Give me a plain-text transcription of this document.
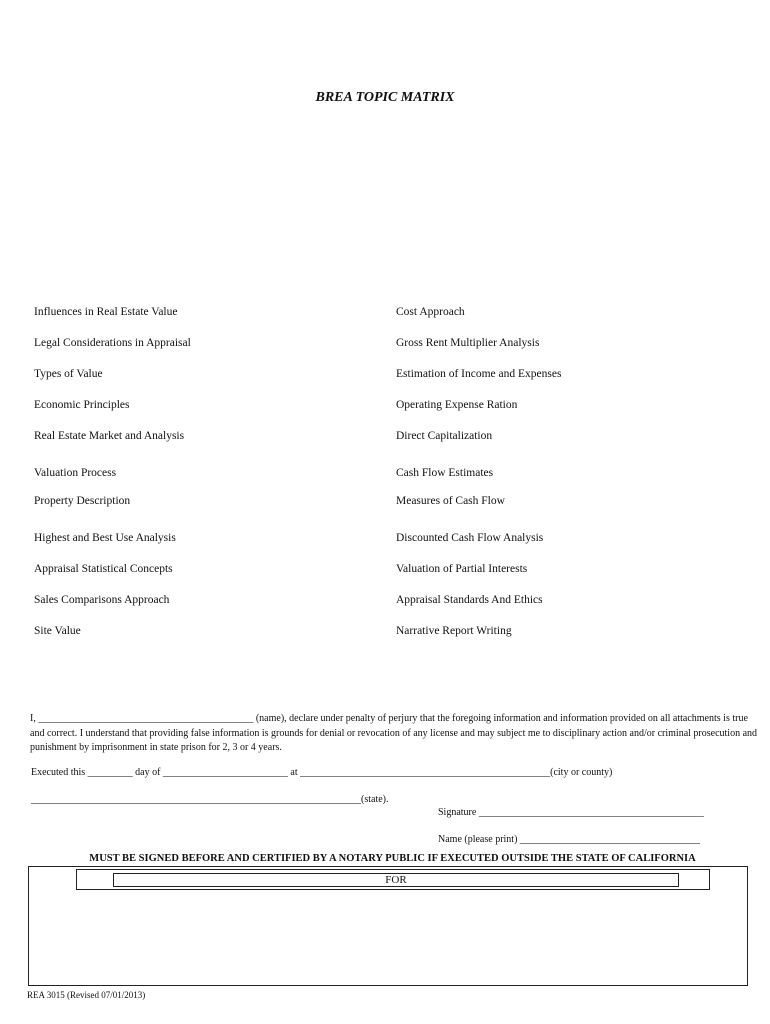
BREA TOPIC MATRIX
Influences in Real Estate Value
Legal Considerations in Appraisal
Types of Value
Economic Principles
Real Estate Market and Analysis
Valuation Process
Property Description
Highest and Best Use Analysis
Appraisal Statistical Concepts
Sales Comparisons Approach
Site Value
Cost Approach
Gross Rent Multiplier Analysis
Estimation of Income and Expenses
Operating Expense Ration
Direct Capitalization
Cash Flow Estimates
Measures of Cash Flow
Discounted Cash Flow Analysis
Valuation of Partial Interests
Appraisal Standards And Ethics
Narrative Report Writing
I, ___________________________________________ (name), declare under penalty of perjury that the foregoing information and information provided on all attachments is true and correct. I understand that providing false information is grounds for denial or revocation of any license and may subject me to disciplinary action and/or criminal prosecution and punishment by imprisonment in state prison for 2, 3 or 4 years.
Executed this _________ day of _________________________ at __________________________________________________(city or county)
__________________________________________________________________(state).
Signature _____________________________________________
Name (please print) ____________________________________
MUST BE SIGNED BEFORE AND CERTIFIED BY A NOTARY PUBLIC IF EXECUTED OUTSIDE THE STATE OF CALIFORNIA
FOR
REA 3015 (Revised 07/01/2013)
